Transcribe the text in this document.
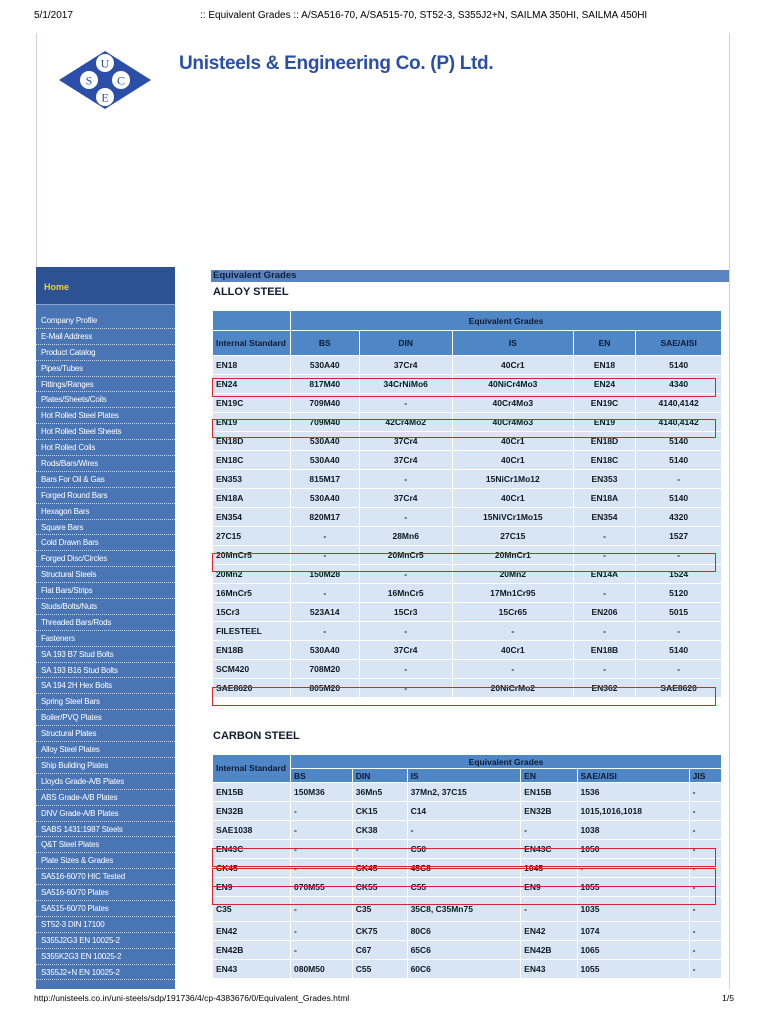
5/1/2017	:: Equivalent Grades :: A/SA516-70, A/SA515-70, ST52-3, S355J2+N, SAILMA 350HI, SAILMA 450HI
U
S C
E
Unisteels & Engineering Co. (P) Ltd.
Home
Company Profile
E-Mail Address
Product Catalog
Pipes/Tubes
Fittings/Ranges
Plates/Sheets/Coils
Hot Rolled Steel Plates
Hot Rolled Steel Sheets
Hot Rolled Coils
Rods/Bars/Wires
Bars For Oil & Gas
Forged Round Bars
Hexagon Bars
Square Bars
Cold Drawn Bars
Forged Disc/Circles
Structural Steels
Flat Bars/Strips
Studs/Bolts/Nuts
Threaded Bars/Rods
Fasteners
SA 193 B7 Stud Bolts
SA 193 B16 Stud Bolts
SA 194 2H Hex Bolts
Spring Steel Bars
Boiler/PVQ Plates
Structural Plates
Alloy Steel Plates
Ship Building Plates
Lloyds Grade-A/B Plates
ABS Grade-A/B Plates
DNV Grade-A/B Plates
SABS 1431:1987 Steels
Q&T Steel Plates
Plate Sizes & Grades
SA516-60/70 HIC Tested
SA516-60/70 Plates
SA515-60/70 Plates
ST52-3 DIN 17100
S355J2G3 EN 10025-2
S355K2G3 EN 10025-2
S355J2+N EN 10025-2
Equivalent Grades
ALLOY STEEL
	Equivalent Grades				
Internal Standard	BS	DIN	IS	EN	SAE/AISI
EN18	530A40	37Cr4	40Cr1	EN18	5140
EN24	817M40	34CrNiMo6	40NiCr4Mo3	EN24	4340
EN19C	709M40	-	40Cr4Mo3	EN19C	4140,4142
EN19	709M40	42Cr4Mo2	40Cr4Mo3	EN19	4140,4142
EN18D	530A40	37Cr4	40Cr1	EN18D	5140
EN18C	530A40	37Cr4	40Cr1	EN18C	5140
EN353	815M17	-	15NiCr1Mo12	EN353	-
EN18A	530A40	37Cr4	40Cr1	EN18A	5140
EN354	820M17	-	15NiVCr1Mo15	EN354	4320
27C15	-	28Mn6	27C15	-	1527
20MnCr5	-	20MnCr5	20MnCr1	-	-
20Mn2	150M28	-	20Mn2	EN14A	1524
16MnCr5	-	16MnCr5	17Mn1Cr95	-	5120
15Cr3	523A14	15Cr3	15Cr65	EN206	5015
FILESTEEL	-	-	-	-	-
EN18B	530A40	37Cr4	40Cr1	EN18B	5140
SCM420	708M20	-	-	-	-
SAE8620	805M20	-	20NiCrMo2	EN362	SAE8620
CARBON STEEL
Internal Standard	Equivalent Grades					
	BS	DIN	IS	EN	SAE/AISI	JIS
EN15B	150M36	36Mn5	37Mn2, 37C15	EN15B	1536	-
EN32B	-	CK15	C14	EN32B	1015,1016,1018	-
SAE1038	-	CK38	-	-	1038	-
EN43C	-	-	C50	EN43C	1050	-
CK45	-	CK45	45C8	1045	-	-
EN9	070M55	CK55	C55	EN9	1055	-
C35	-	C35	35C8, C35Mn75	-	1035	-
EN42	-	CK75	80C6	EN42	1074	-
EN42B	-	C67	65C6	EN42B	1065	-
EN43	080M50	C55	60C6	EN43	1055	-
http://unisteels.co.in/uni-steels/sdp/191736/4/cp-4383676/0/Equivalent_Grades.html	1/5
